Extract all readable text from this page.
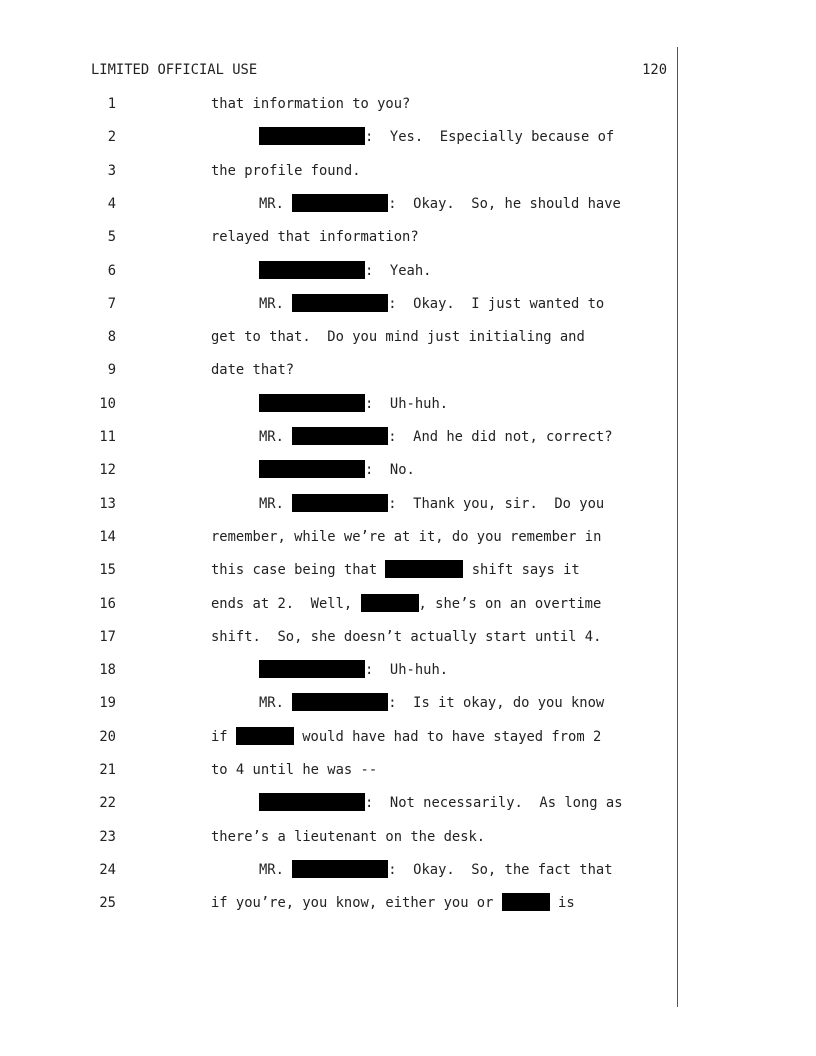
LIMITED OFFICIAL USE	120
1	that information to you?
2	:  Yes.  Especially because of
3	the profile found.
4	MR.	:  Okay.  So, he should have
5	relayed that information?
6	:  Yeah.
7	MR.	:  Okay.  I just wanted to
8	get to that.  Do you mind just initialing and
9	date that?
10	:  Uh-huh.
11	MR.	:  And he did not, correct?
12	:  No.
13	MR.	:  Thank you, sir.  Do you
14	remember, while we’re at it, do you remember in
15	this case being that	shift says it
16	ends at 2.  Well,	, she’s on an overtime
17	shift.  So, she doesn’t actually start until 4.
18	:  Uh-huh.
19	MR.	:  Is it okay, do you know
20	if	would have had to have stayed from 2
21	to 4 until he was --
22	:  Not necessarily.  As long as
23	there’s a lieutenant on the desk.
24	MR.	:  Okay.  So, the fact that
25	if you’re, you know, either you or	is
